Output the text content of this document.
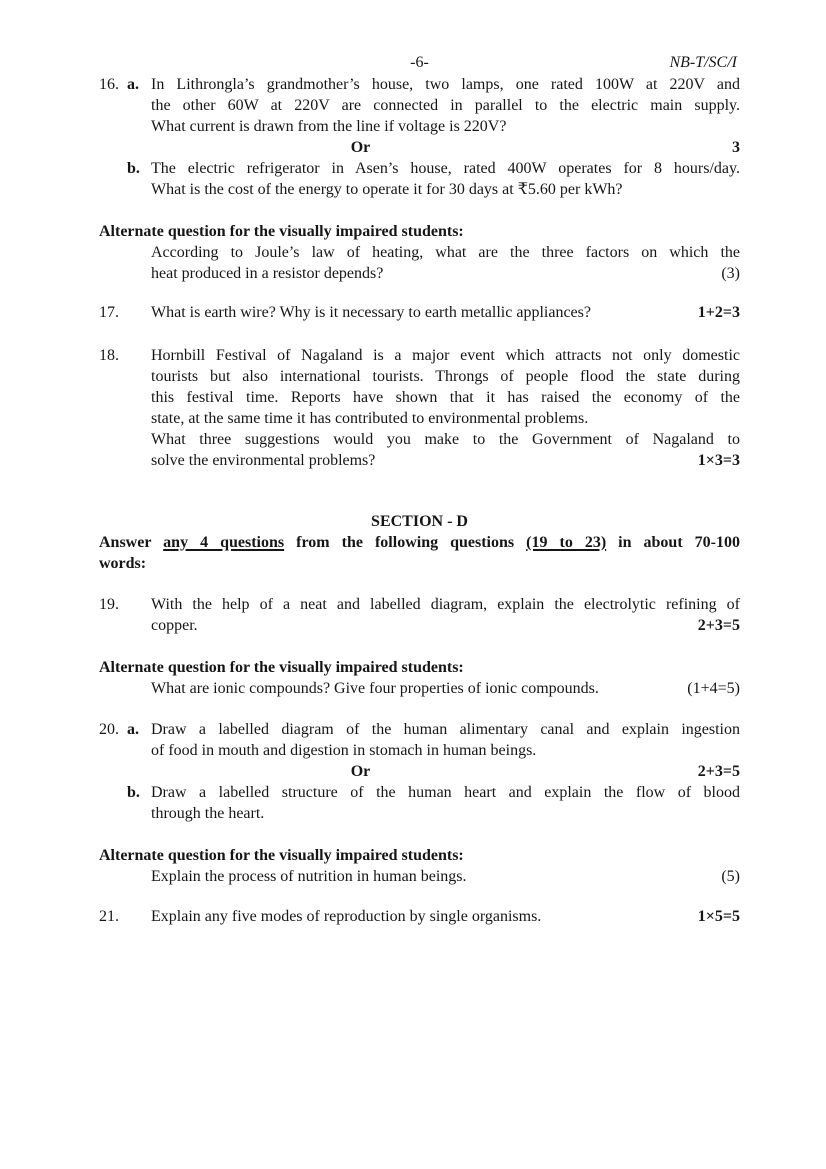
-6-	NB-T/SC/I
16. a. In Lithrongla’s grandmother’s house, two lamps, one rated 100W at 220V and
the other 60W at 220V are connected in parallel to the electric main supply.
What current is drawn from the line if voltage is 220V?
Or	3
b. The electric refrigerator in Asen’s house, rated 400W operates for 8 hours/day.
What is the cost of the energy to operate it for 30 days at ₹5.60 per kWh?
Alternate question for the visually impaired students:
According to Joule’s law of heating, what are the three factors on which the
heat produced in a resistor depends?	(3)
17.	What is earth wire? Why is it necessary to earth metallic appliances?	1+2=3
18.	Hornbill Festival of Nagaland is a major event which attracts not only domestic
tourists but also international tourists. Throngs of people flood the state during
this festival time. Reports have shown that it has raised the economy of the
state, at the same time it has contributed to environmental problems.
What three suggestions would you make to the Government of Nagaland to
solve the environmental problems?	1×3=3
SECTION - D
Answer any 4 questions from the following questions (19 to 23) in about 70-100
words:
19.	With the help of a neat and labelled diagram, explain the electrolytic refining of
copper.	2+3=5
Alternate question for the visually impaired students:
What are ionic compounds? Give four properties of ionic compounds.	(1+4=5)
20. a. Draw a labelled diagram of the human alimentary canal and explain ingestion
of food in mouth and digestion in stomach in human beings.
Or	2+3=5
b. Draw a labelled structure of the human heart and explain the flow of blood
through the heart.
Alternate question for the visually impaired students:
Explain the process of nutrition in human beings.	(5)
21.	Explain any five modes of reproduction by single organisms.	1×5=5
